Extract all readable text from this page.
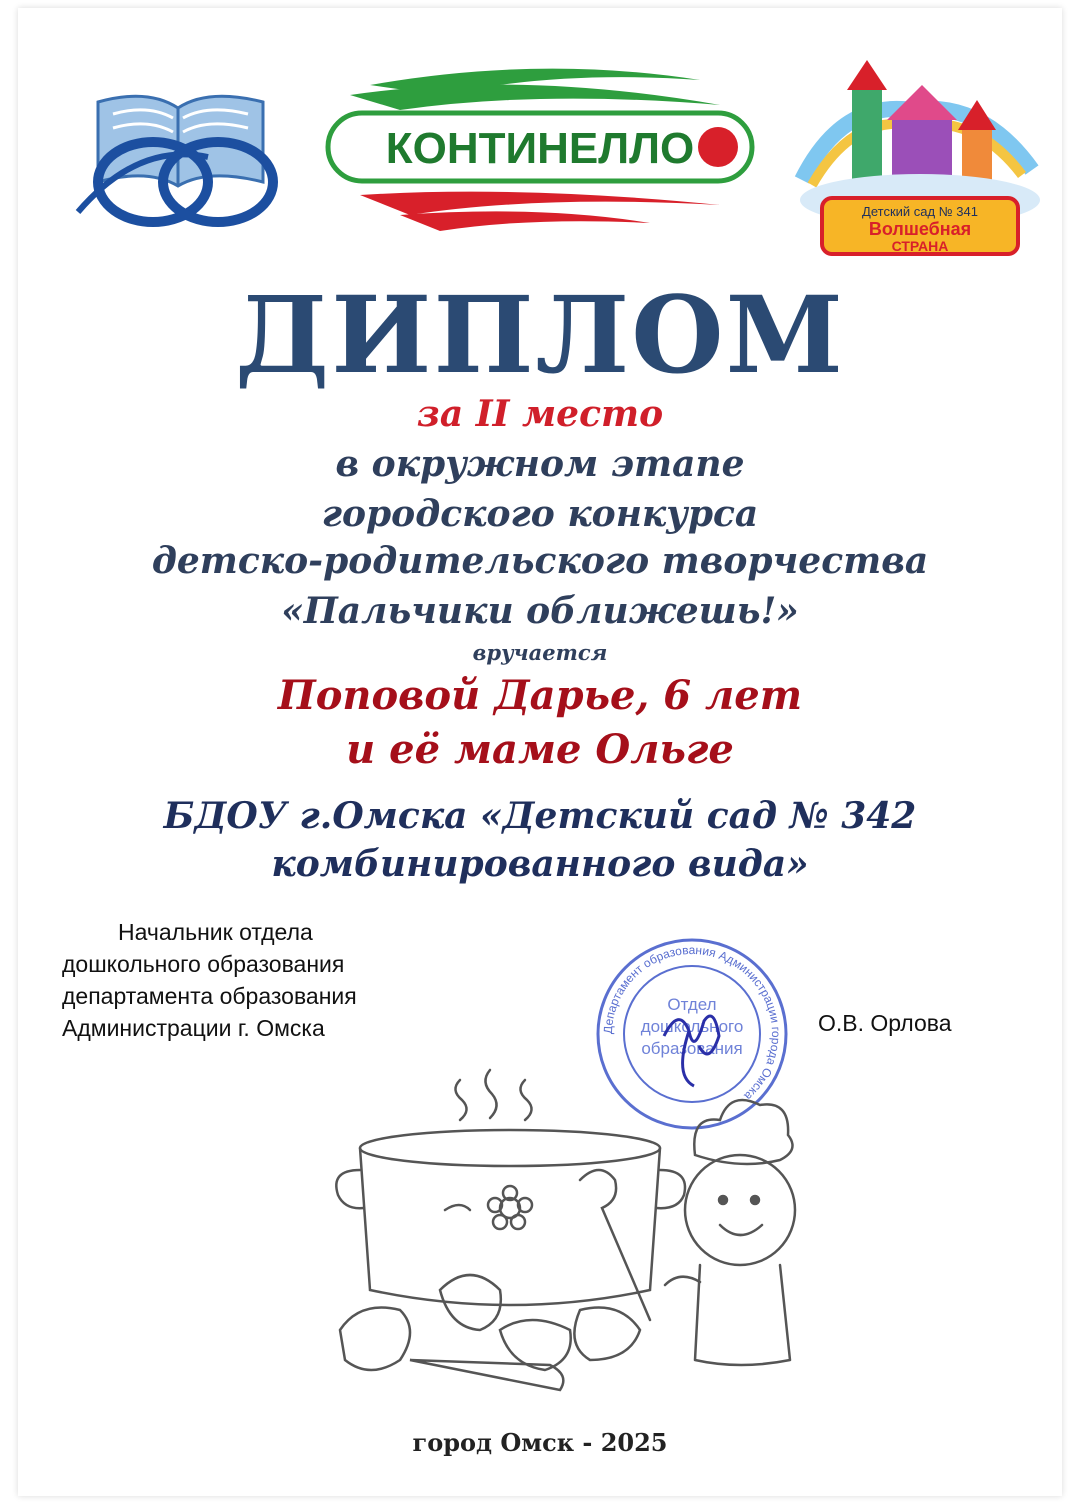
КОНТИНЕЛЛО
Детский сад № 341
Волшебная
СТРАНА
ДИПЛОМ
за II место
в окружном этапе
городского конкурса
детско-родительского творчества
«Пальчики оближешь!»
вручается
Поповой Дарье, 6 лет
и её маме Ольге
БДОУ г.Омска «Детский сад № 342
комбинированного вида»
Начальник отдела
дошкольного образования
департамента образования
Администрации г. Омска	Департамент образования Администрации города Омска
Отдел дошкольного образования
О.В. Орлова
город Омск - 2025
